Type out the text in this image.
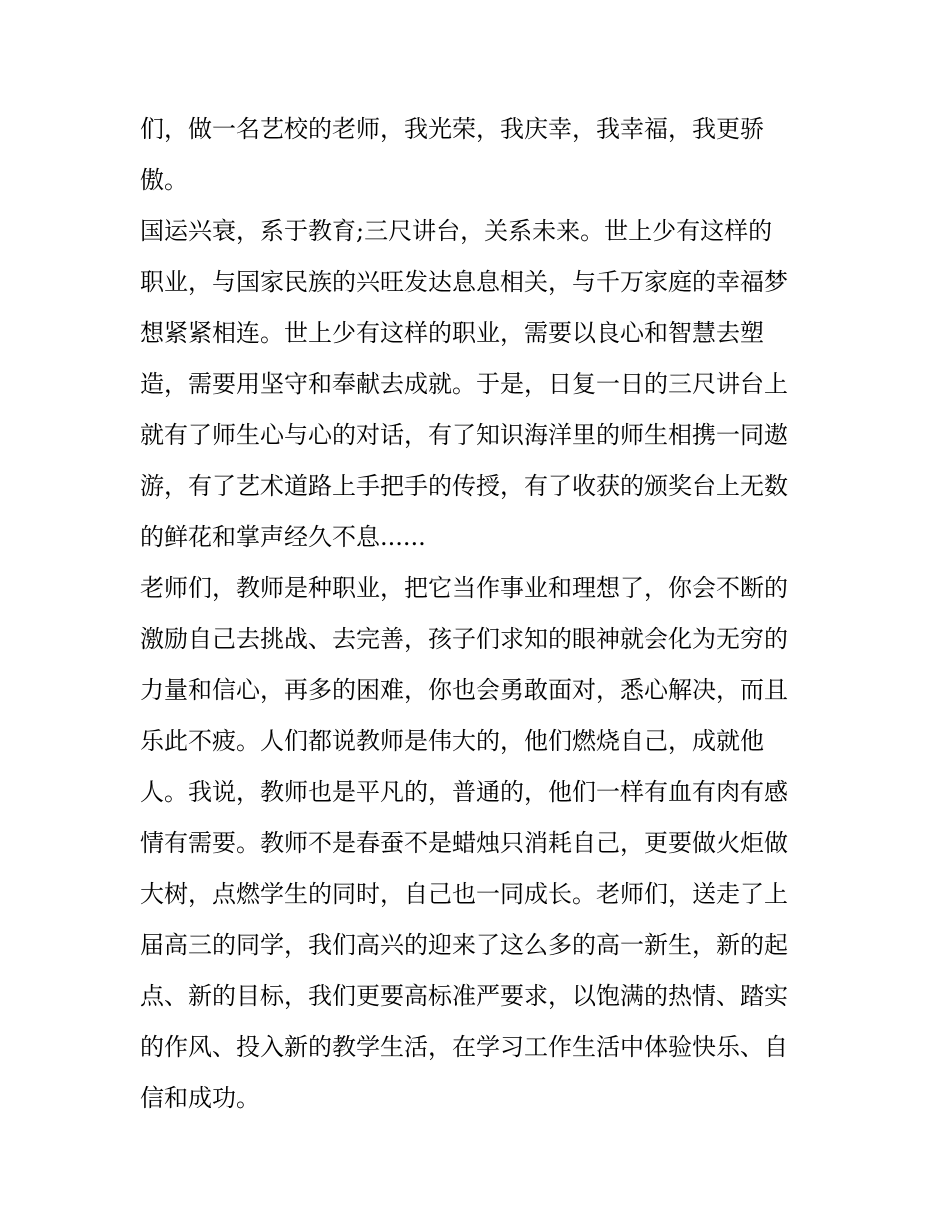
们，做一名艺校的老师，我光荣，我庆幸，我幸福，我更骄
傲。
国运兴衰，系于教育;三尺讲台，关系未来。世上少有这样的
职业，与国家民族的兴旺发达息息相关，与千万家庭的幸福梦
想紧紧相连。世上少有这样的职业，需要以良心和智慧去塑
造，需要用坚守和奉献去成就。于是，日复一日的三尺讲台上
就有了师生心与心的对话，有了知识海洋里的师生相携一同遨
游，有了艺术道路上手把手的传授，有了收获的颁奖台上无数
的鲜花和掌声经久不息......
老师们，教师是种职业，把它当作事业和理想了，你会不断的
激励自己去挑战、去完善，孩子们求知的眼神就会化为无穷的
力量和信心，再多的困难，你也会勇敢面对，悉心解决，而且
乐此不疲。人们都说教师是伟大的，他们燃烧自己，成就他
人。我说，教师也是平凡的，普通的，他们一样有血有肉有感
情有需要。教师不是春蚕不是蜡烛只消耗自己，更要做火炬做
大树，点燃学生的同时，自己也一同成长。老师们，送走了上
届高三的同学，我们高兴的迎来了这么多的高一新生，新的起
点、新的目标，我们更要高标准严要求，以饱满的热情、踏实
的作风、投入新的教学生活，在学习工作生活中体验快乐、自
信和成功。
